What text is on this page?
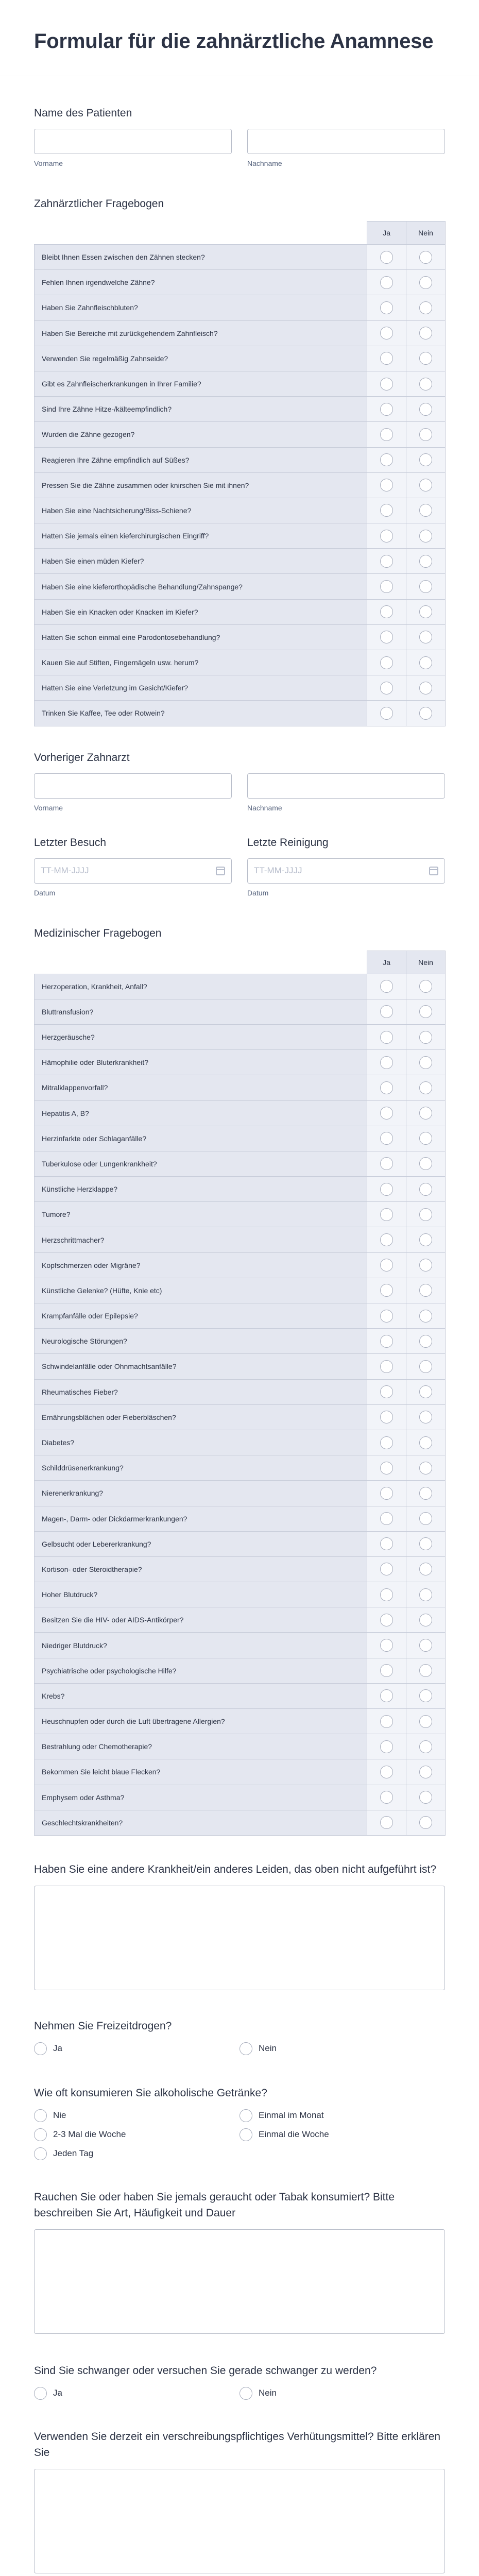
Formular für die zahnärztliche Anamnese
Name des Patienten
Vorname	Nachname
Zahnärztlicher Fragebogen
	Ja	Nein
Bleibt Ihnen Essen zwischen den Zähnen stecken?		
Fehlen Ihnen irgendwelche Zähne?		
Haben Sie Zahnfleischbluten?		
Haben Sie Bereiche mit zurückgehendem Zahnfleisch?		
Verwenden Sie regelmäßig Zahnseide?		
Gibt es Zahnfleischerkrankungen in Ihrer Familie?		
Sind Ihre Zähne Hitze-/kälteempfindlich?		
Wurden die Zähne gezogen?		
Reagieren Ihre Zähne empfindlich auf Süßes?		
Pressen Sie die Zähne zusammen oder knirschen Sie mit ihnen?		
Haben Sie eine Nachtsicherung/Biss-Schiene?		
Hatten Sie jemals einen kieferchirurgischen Eingriff?		
Haben Sie einen müden Kiefer?		
Haben Sie eine kieferorthopädische Behandlung/Zahnspange?		
Haben Sie ein Knacken oder Knacken im Kiefer?		
Hatten Sie schon einmal eine Parodontosebehandlung?		
Kauen Sie auf Stiften, Fingernägeln usw. herum?		
Hatten Sie eine Verletzung im Gesicht/Kiefer?		
Trinken Sie Kaffee, Tee oder Rotwein?		
Vorheriger Zahnarzt
Vorname	Nachname
Letzter Besuch
TT-MM-JJJJ
Datum
Letzte Reinigung
TT-MM-JJJJ
Datum
Medizinischer Fragebogen
	Ja	Nein
Herzoperation, Krankheit, Anfall?		
Bluttransfusion?		
Herzgeräusche?		
Hämophilie oder Bluterkrankheit?		
Mitralklappenvorfall?		
Hepatitis A, B?		
Herzinfarkte oder Schlaganfälle?		
Tuberkulose oder Lungenkrankheit?		
Künstliche Herzklappe?		
Tumore?		
Herzschrittmacher?		
Kopfschmerzen oder Migräne?		
Künstliche Gelenke? (Hüfte, Knie etc)		
Krampfanfälle oder Epilepsie?		
Neurologische Störungen?		
Schwindelanfälle oder Ohnmachtsanfälle?		
Rheumatisches Fieber?		
Ernährungsblächen oder Fieberbläschen?		
Diabetes?		
Schilddrüsenerkrankung?		
Nierenerkrankung?		
Magen-, Darm- oder Dickdarmerkrankungen?		
Gelbsucht oder Lebererkrankung?		
Kortison- oder Steroidtherapie?		
Hoher Blutdruck?		
Besitzen Sie die HIV- oder AIDS-Antikörper?		
Niedriger Blutdruck?		
Psychiatrische oder psychologische Hilfe?		
Krebs?		
Heuschnupfen oder durch die Luft übertragene Allergien?		
Bestrahlung oder Chemotherapie?		
Bekommen Sie leicht blaue Flecken?		
Emphysem oder Asthma?		
Geschlechtskrankheiten?		
Haben Sie eine andere Krankheit/ein anderes Leiden, das oben nicht aufgeführt ist?
Nehmen Sie Freizeitdrogen?
Ja	Nein
Wie oft konsumieren Sie alkoholische Getränke?
Nie	Einmal im Monat
2-3 Mal die Woche	Einmal die Woche
Jeden Tag
Rauchen Sie oder haben Sie jemals geraucht oder Tabak konsumiert? Bitte beschreiben Sie Art, Häufigkeit und Dauer
Sind Sie schwanger oder versuchen Sie gerade schwanger zu werden?
Ja	Nein
Verwenden Sie derzeit ein verschreibungspflichtiges Verhütungsmittel? Bitte erklären Sie
